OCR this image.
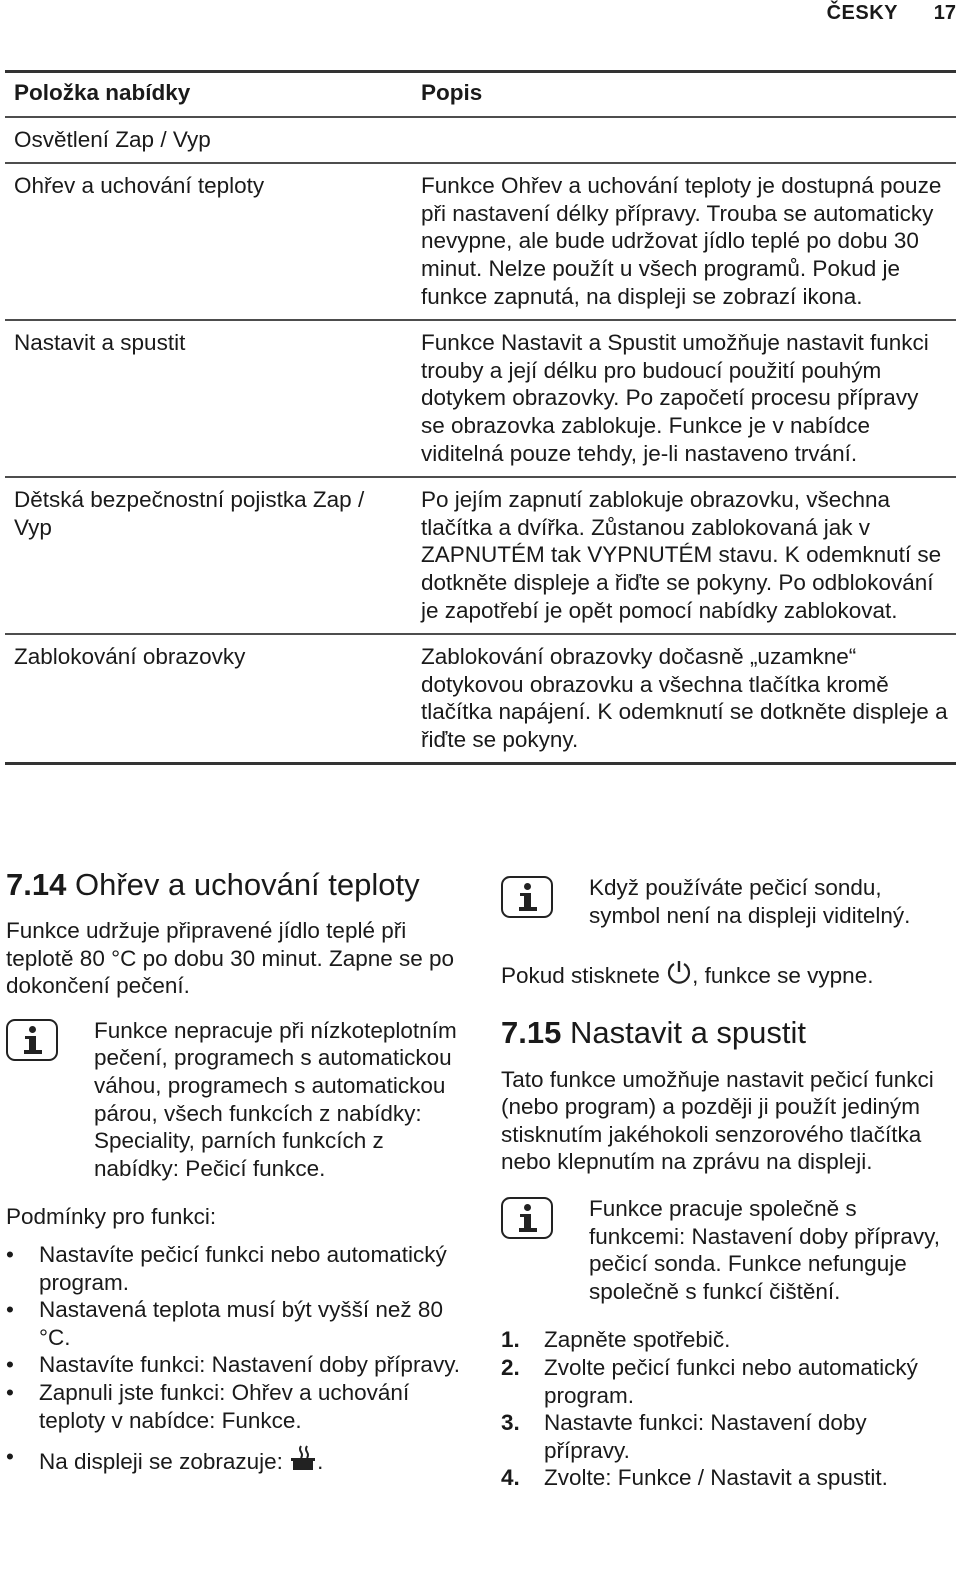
ČESKY 17
Položka nabídky	Popis
Osvětlení Zap / Vyp	
Ohřev a uchování teploty	Funkce Ohřev a uchování teploty je dostupná pouze při nastavení délky přípravy. Trouba se automaticky nevypne, ale bude udržovat jídlo teplé po dobu 30 minut. Nelze použít u všech programů. Pokud je funkce zapnutá, na displeji se zobrazí ikona.
Nastavit a spustit	Funkce Nastavit a Spustit umožňuje nastavit funkci trouby a její délku pro budoucí použití pouhým dotykem obrazovky. Po započetí procesu přípravy se obrazovka zablokuje. Funkce je v nabídce viditelná pouze tehdy, je-li nastaveno trvání.
Dětská bezpečnostní pojistka Zap / Vyp	Po jejím zapnutí zablokuje obrazovku, všechna tlačítka a dvířka. Zůstanou zablokovaná jak v ZAPNUTÉM tak VYPNUTÉM stavu. K odemknutí se dotkněte displeje a řiďte se pokyny. Po odblokování je zapotřebí je opět pomocí nabídky zablokovat.
Zablokování obrazovky	Zablokování obrazovky dočasně „uzamkne“ dotykovou obrazovku a všechna tlačítka kromě tlačítka napájení. K odemknutí se dotkněte displeje a řiďte se pokyny.
7.14 Ohřev a uchování teploty

Funkce udržuje připravené jídlo teplé při teplotě 80 °C po dobu 30 minut. Zapne se po dokončení pečení.

Funkce nepracuje při nízkoteplotním pečení, programech s automatickou váhou, programech s automatickou párou, všech funkcích z nabídky: Speciality, parních funkcích z nabídky: Pečicí funkce.

Podmínky pro funkci:

• Nastavíte pečicí funkci nebo automatický program.
• Nastavená teplota musí být vyšší než 80 °C.
• Nastavíte funkci: Nastavení doby přípravy.
• Zapnuli jste funkci: Ohřev a uchování teploty v nabídce: Funkce.
• Na displeji se zobrazuje: .

Když používáte pečicí sondu, symbol není na displeji viditelný.

Pokud stisknete , funkce se vypne.

7.15 Nastavit a spustit

Tato funkce umožňuje nastavit pečicí funkci (nebo program) a později ji použít jediným stisknutím jakéhokoli senzorového tlačítka nebo klepnutím na zprávu na displeji.

Funkce pracuje společně s funkcemi: Nastavení doby přípravy, pečicí sonda. Funkce nefunguje společně s funkcí čištění.

1. Zapněte spotřebič.
2. Zvolte pečicí funkci nebo automatický program.
3. Nastavte funkci: Nastavení doby přípravy.
4. Zvolte: Funkce / Nastavit a spustit.
